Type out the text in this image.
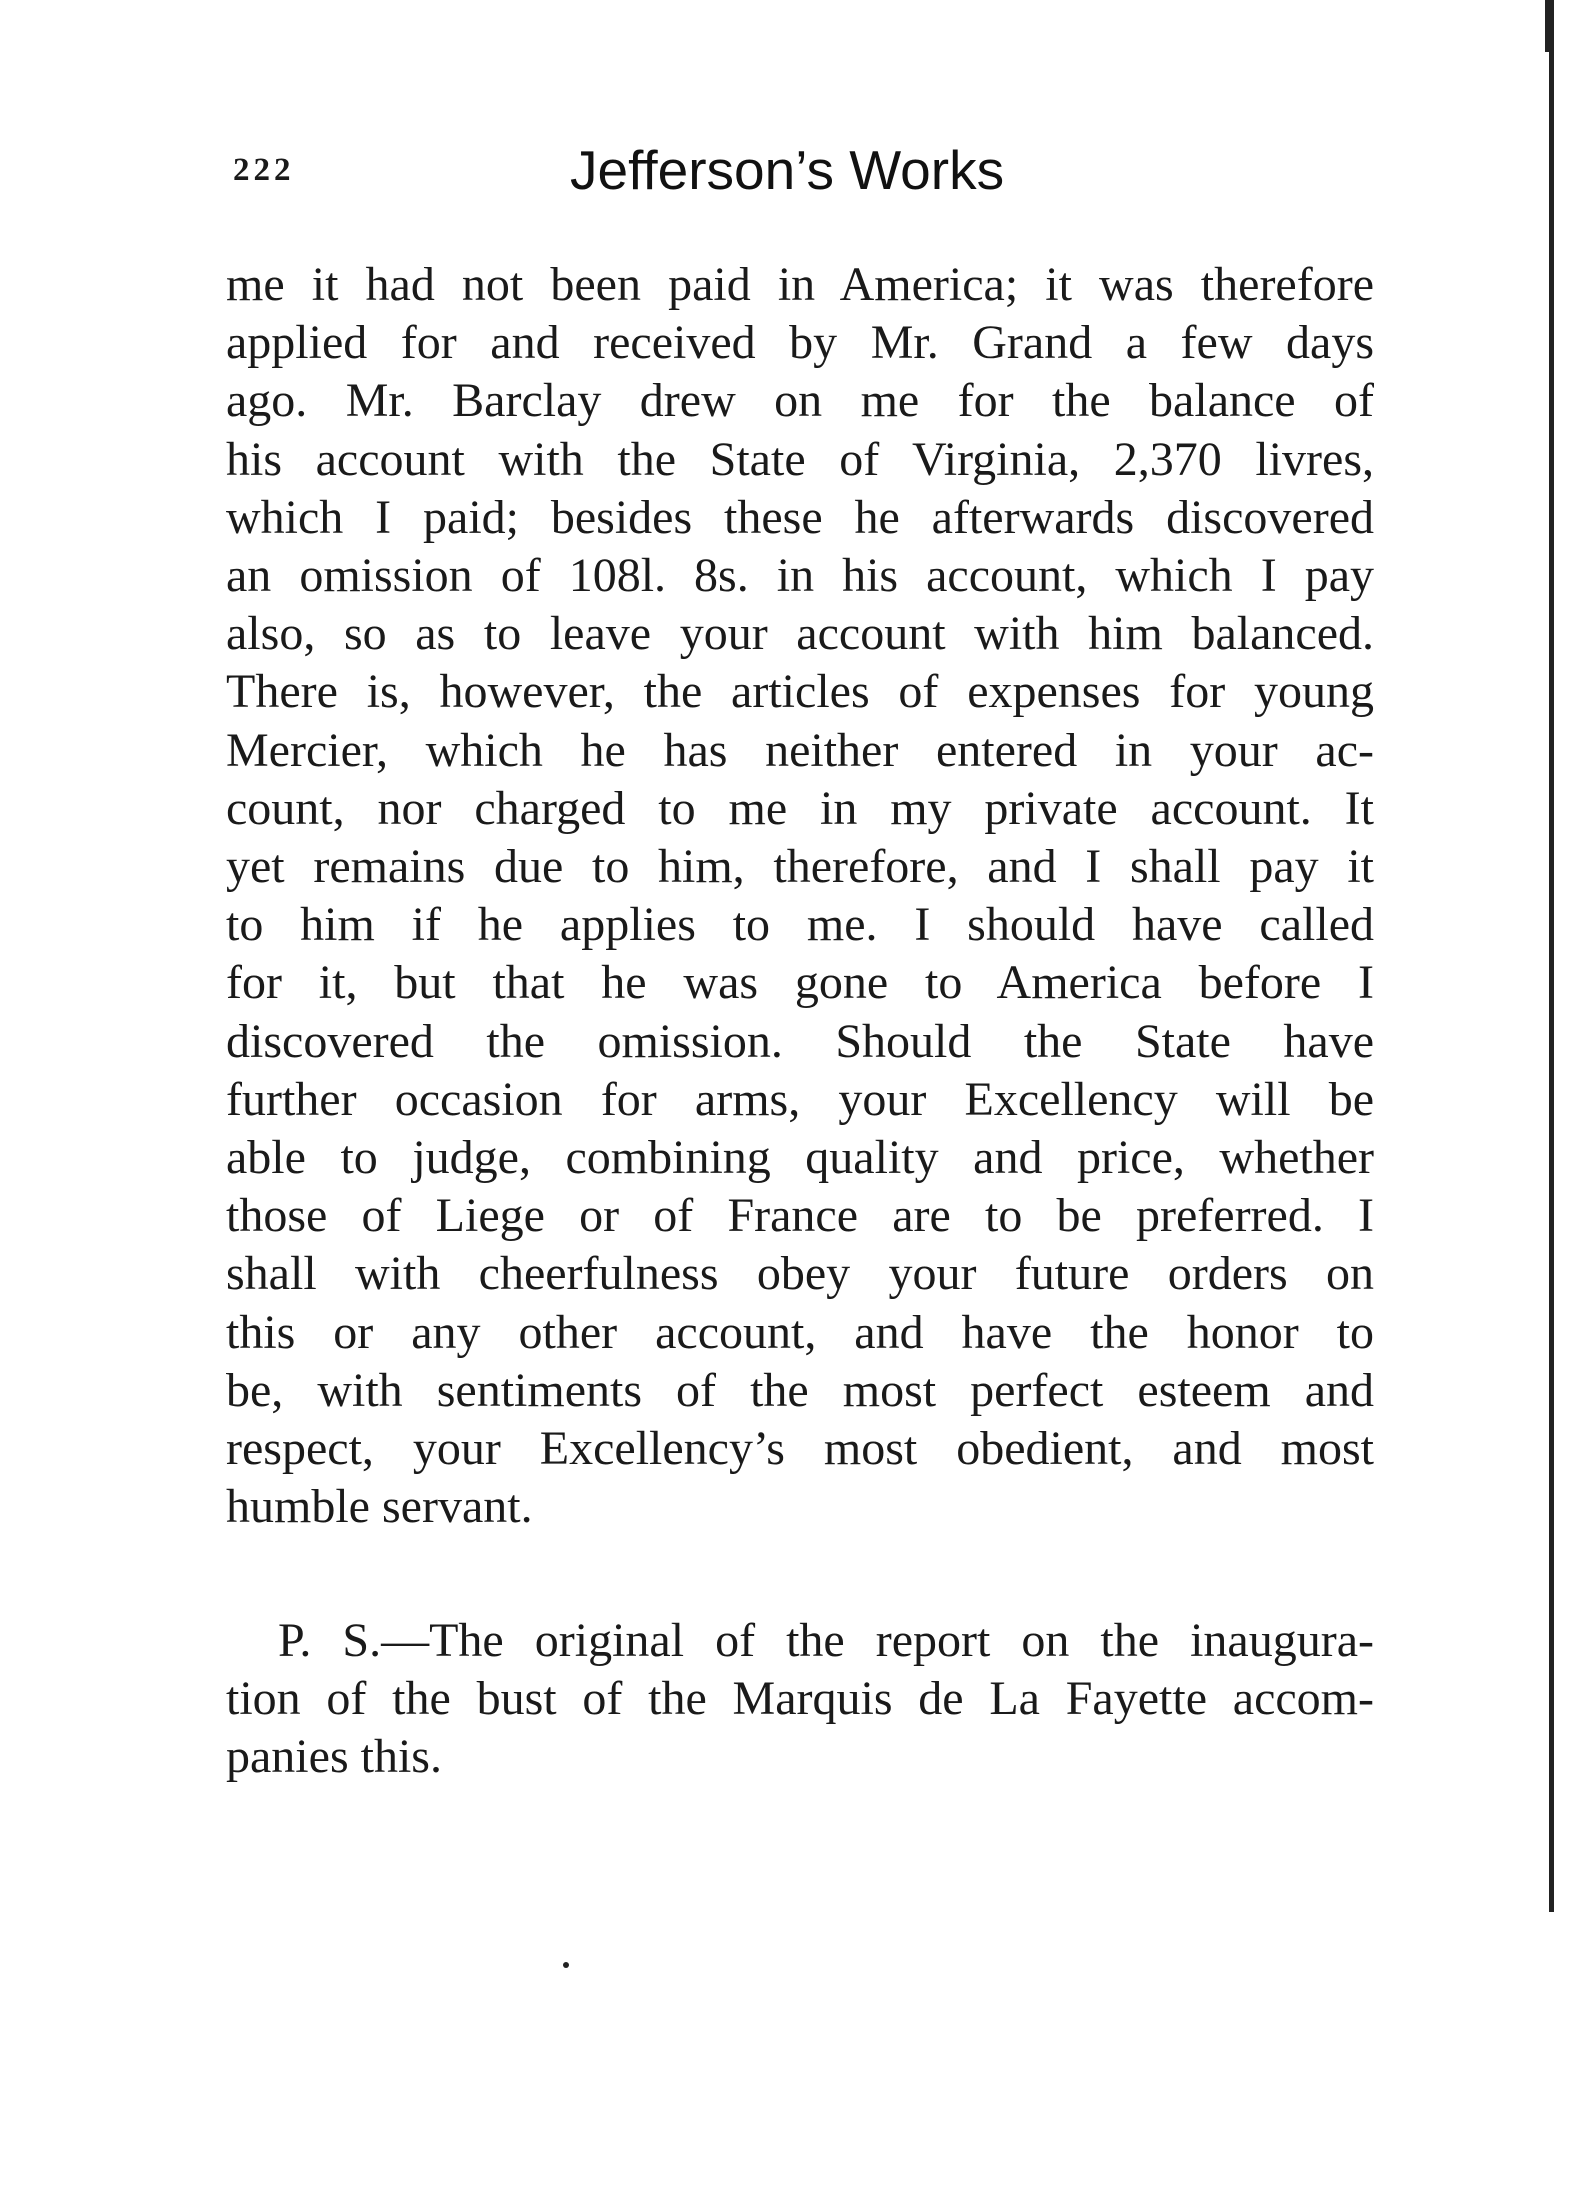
222	Jefferson’s Works
me it had not been paid in America; it was therefore
applied for and received by Mr. Grand a few days
ago. Mr. Barclay drew on me for the balance of
his account with the State of Virginia, 2,370 livres,
which I paid; besides these he afterwards discovered
an omission of 108l. 8s. in his account, which I pay
also, so as to leave your account with him balanced.
There is, however, the articles of expenses for young
Mercier, which he has neither entered in your ac-
count, nor charged to me in my private account. It
yet remains due to him, therefore, and I shall pay it
to him if he applies to me. I should have called
for it, but that he was gone to America before I
discovered the omission. Should the State have
further occasion for arms, your Excellency will be
able to judge, combining quality and price, whether
those of Liege or of France are to be preferred. I
shall with cheerfulness obey your future orders on
this or any other account, and have the honor to
be, with sentiments of the most perfect esteem and
respect, your Excellency’s most obedient, and most
humble servant.
P. S.—The original of the report on the inaugura-
tion of the bust of the Marquis de La Fayette accom-
panies this.
